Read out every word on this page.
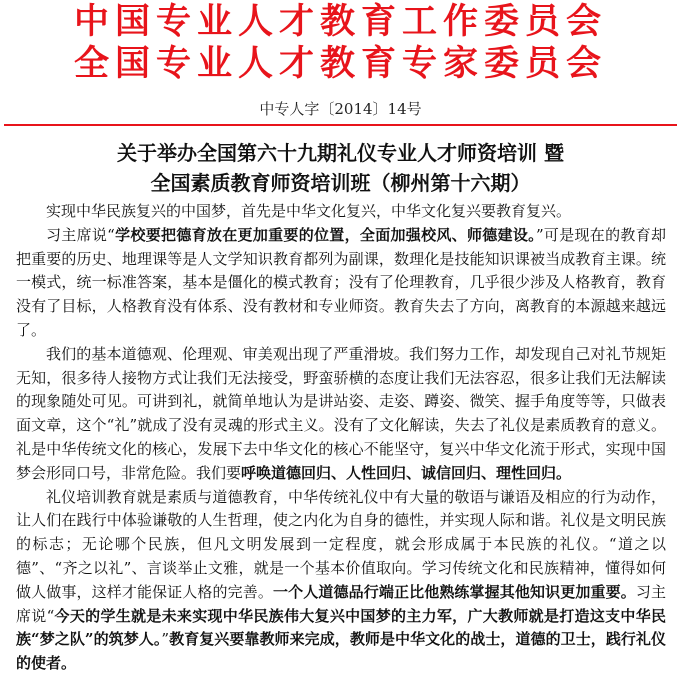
中国专业人才教育工作委员会
全国专业人才教育专家委员会
中专人字〔2014〕14号
关于举办全国第六十九期礼仪专业人才师资培训 暨
全国素质教育师资培训班（柳州第十六期）

实现中华民族复兴的中国梦，首先是中华文化复兴，中华文化复兴要教育复兴。

习主席说“学校要把德育放在更加重要的位置，全面加强校风、师德建设。”可是现在的教育却把重要的历史、地理课等是人文学知识教育都列为副课，数理化是技能知识课被当成教育主课。统一模式，统一标准答案，基本是僵化的模式教育；没有了伦理教育，几乎很少涉及人格教育，教育没有了目标，人格教育没有体系、没有教材和专业师资。教育失去了方向，离教育的本源越来越远了。

我们的基本道德观、伦理观、审美观出现了严重滑坡。我们努力工作，却发现自己对礼节规矩无知，很多待人接物方式让我们无法接受，野蛮骄横的态度让我们无法容忍，很多让我们无法解读的现象随处可见。可讲到礼，就简单地认为是讲站姿、走姿、蹲姿、微笑、握手角度等等，只做表面文章，这个“礼”就成了没有灵魂的形式主义。没有了文化解读，失去了礼仪是素质教育的意义。礼是中华传统文化的核心，发展下去中华文化的核心不能坚守，复兴中华文化流于形式，实现中国梦会形同口号，非常危险。我们要呼唤道德回归、人性回归、诚信回归、理性回归。

礼仪培训教育就是素质与道德教育，中华传统礼仪中有大量的敬语与谦语及相应的行为动作，让人们在践行中体验谦敬的人生哲理，使之内化为自身的德性，并实现人际和谐。礼仪是文明民族的标志；无论哪个民族，但凡文明发展到一定程度，就会形成属于本民族的礼仪。“道之以德”、“齐之以礼”、言谈举止文雅，就是一个基本价值取向。学习传统文化和民族精神，懂得如何做人做事，这样才能保证人格的完善。一个人道德品行端正比他熟练掌握其他知识更加重要。习主席说“今天的学生就是未来实现中华民族伟大复兴中国梦的主力军，广大教师就是打造这支中华民族“梦之队”的筑梦人。”教育复兴要靠教师来完成，教师是中华文化的战士，道德的卫士，践行礼仪的使者。
